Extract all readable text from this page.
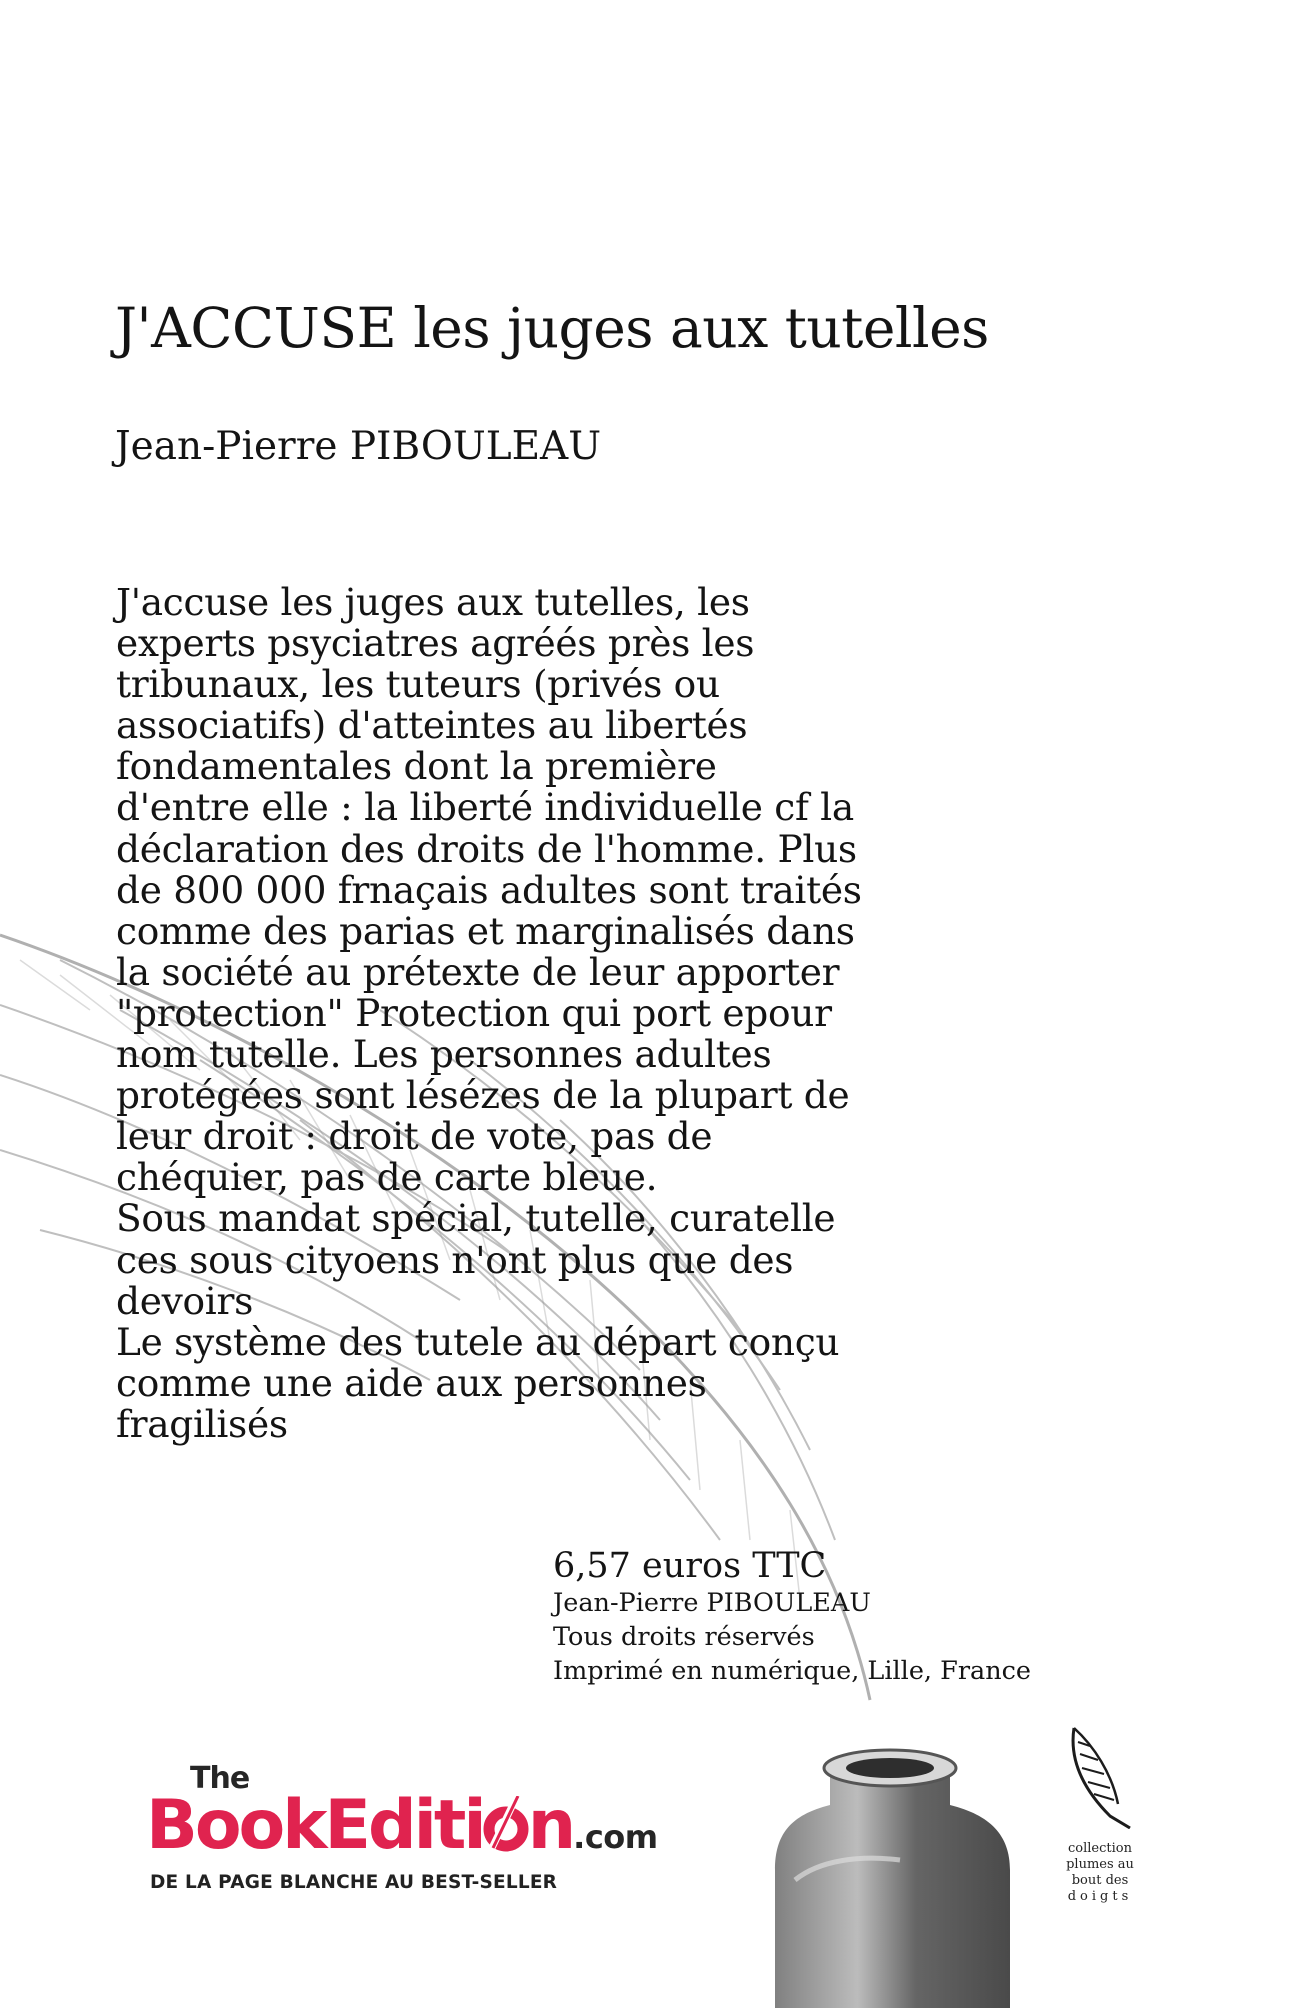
J'ACCUSE les juges aux tutelles
Jean-Pierre PIBOULEAU
J'accuse les juges aux tutelles, les
experts psyciatres agréés près les
tribunaux, les tuteurs (privés ou
associatifs) d'atteintes au libertés
fondamentales dont la première
d'entre elle : la liberté individuelle cf la
déclaration des droits de l'homme. Plus
de 800 000 frnaçais adultes sont traités
comme des parias et marginalisés dans
la société au prétexte de leur apporter
"protection" Protection qui port epour
nom tutelle. Les personnes adultes
protégées sont lésézes de la plupart de
leur droit : droit de vote, pas de
chéquier, pas de carte bleue.
Sous mandat spécial, tutelle, curatelle
ces sous cityoens n'ont plus que des
devoirs
Le système des tutele au départ conçu
comme une aide aux personnes
fragilisés
6,57 euros TTC
Jean-Pierre PIBOULEAU
Tous droits réservés
Imprimé en numérique, Lille, France
The
BookEditi n.com
DE LA PAGE BLANCHE AU BEST-SELLER
collection
plumes au
bout des
doigts
